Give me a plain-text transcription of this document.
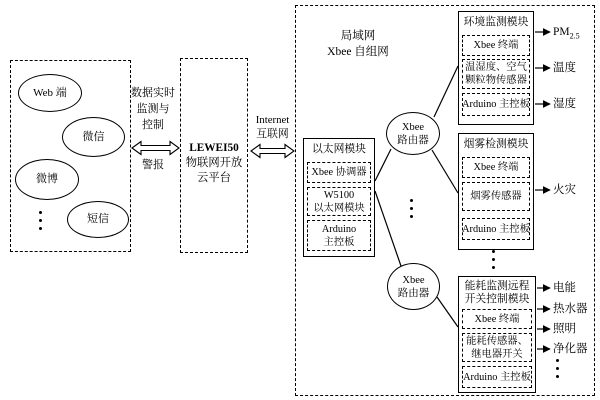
Web 端
微信
微博
短信
数据实时
监测与
控制
警报
LEWEI50
物联网开放
云平台
Internet
互联网
局域网
Xbee 自组网
以太网模块
Xbee 协调器
W5100
以太网模块
Arduino
主控板
Xbee
路由器
Xbee
路由器
环境监测模块
Xbee 终端
温湿度、空气
颗粒物传感器
Arduino 主控板
烟雾检测模块
Xbee 终端
烟雾传感器
Arduino 主控板
能耗监测远程
开关控制模块
Xbee 终端
能耗传感器、
继电器开关
Arduino 主控板
$PM_{2.5}$
温度
湿度
火灾
电能
热水器
照明
净化器
